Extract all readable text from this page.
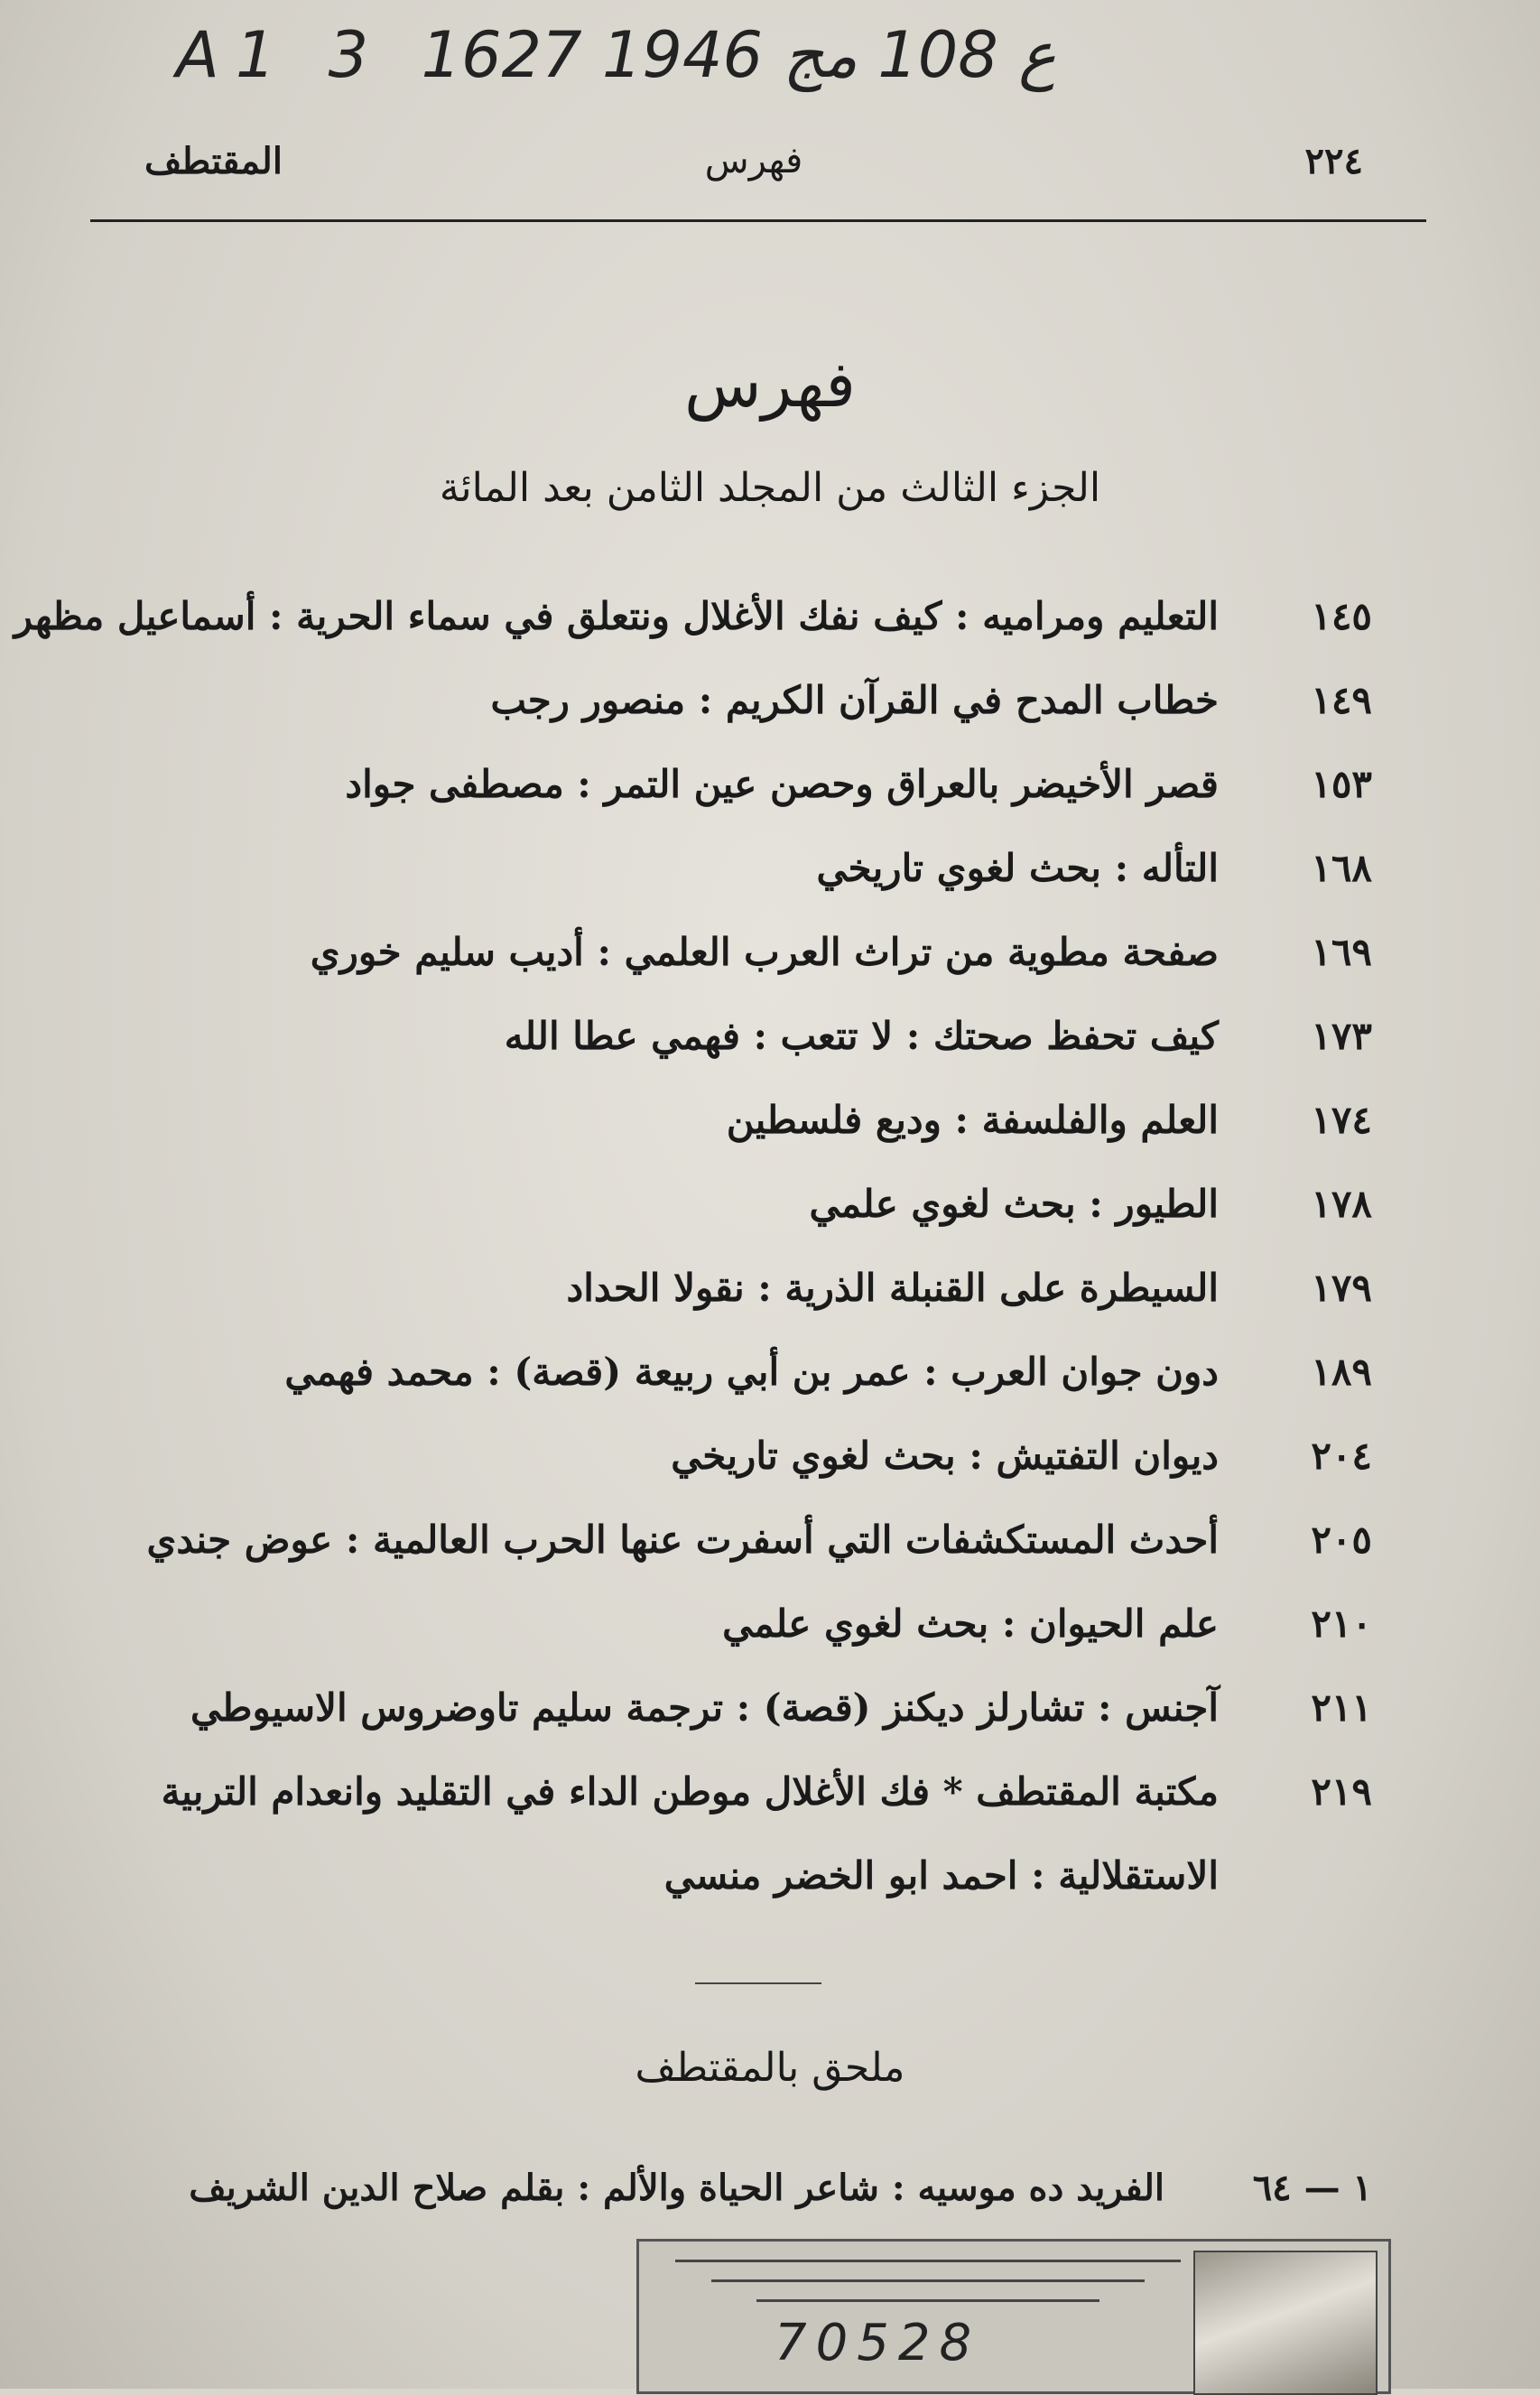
A1 3 ع 108 مج 1946 1627
٢٢٤
فهرس
المقتطف
فهرس
الجزء الثالث من المجلد الثامن بعد المائة
١٤٥
التعليم ومراميه : كيف نفك الأغلال ونتعلق في سماء الحرية : أسماعيل مظهر
١٤٩
خطاب المدح في القرآن الكريم : منصور رجب
١٥٣
قصر الأخيضر بالعراق وحصن عين التمر : مصطفى جواد
١٦٨
التأله : بحث لغوي تاريخي
١٦٩
صفحة مطوية من تراث العرب العلمي : أديب سليم خوري
١٧٣
كيف تحفظ صحتك : لا تتعب : فهمي عطا الله
١٧٤
العلم والفلسفة : وديع فلسطين
١٧٨
الطيور : بحث لغوي علمي
١٧٩
السيطرة على القنبلة الذرية : نقولا الحداد
١٨٩
دون جوان العرب : عمر بن أبي ربيعة (قصة) : محمد فهمي
٢٠٤
ديوان التفتيش : بحث لغوي تاريخي
٢٠٥
أحدث المستكشفات التي أسفرت عنها الحرب العالمية : عوض جندي
٢١٠
علم الحيوان : بحث لغوي علمي
٢١١
آجنس : تشارلز ديكنز (قصة) : ترجمة سليم تاوضروس الاسيوطي
٢١٩
مكتبة المقتطف * فك الأغلال موطن الداء في التقليد وانعدام التربية
الاستقلالية : احمد ابو الخضر منسي
ملحق بالمقتطف
١ — ٦٤
الفريد ده موسيه : شاعر الحياة والألم : بقلم صلاح الدين الشريف
70528
